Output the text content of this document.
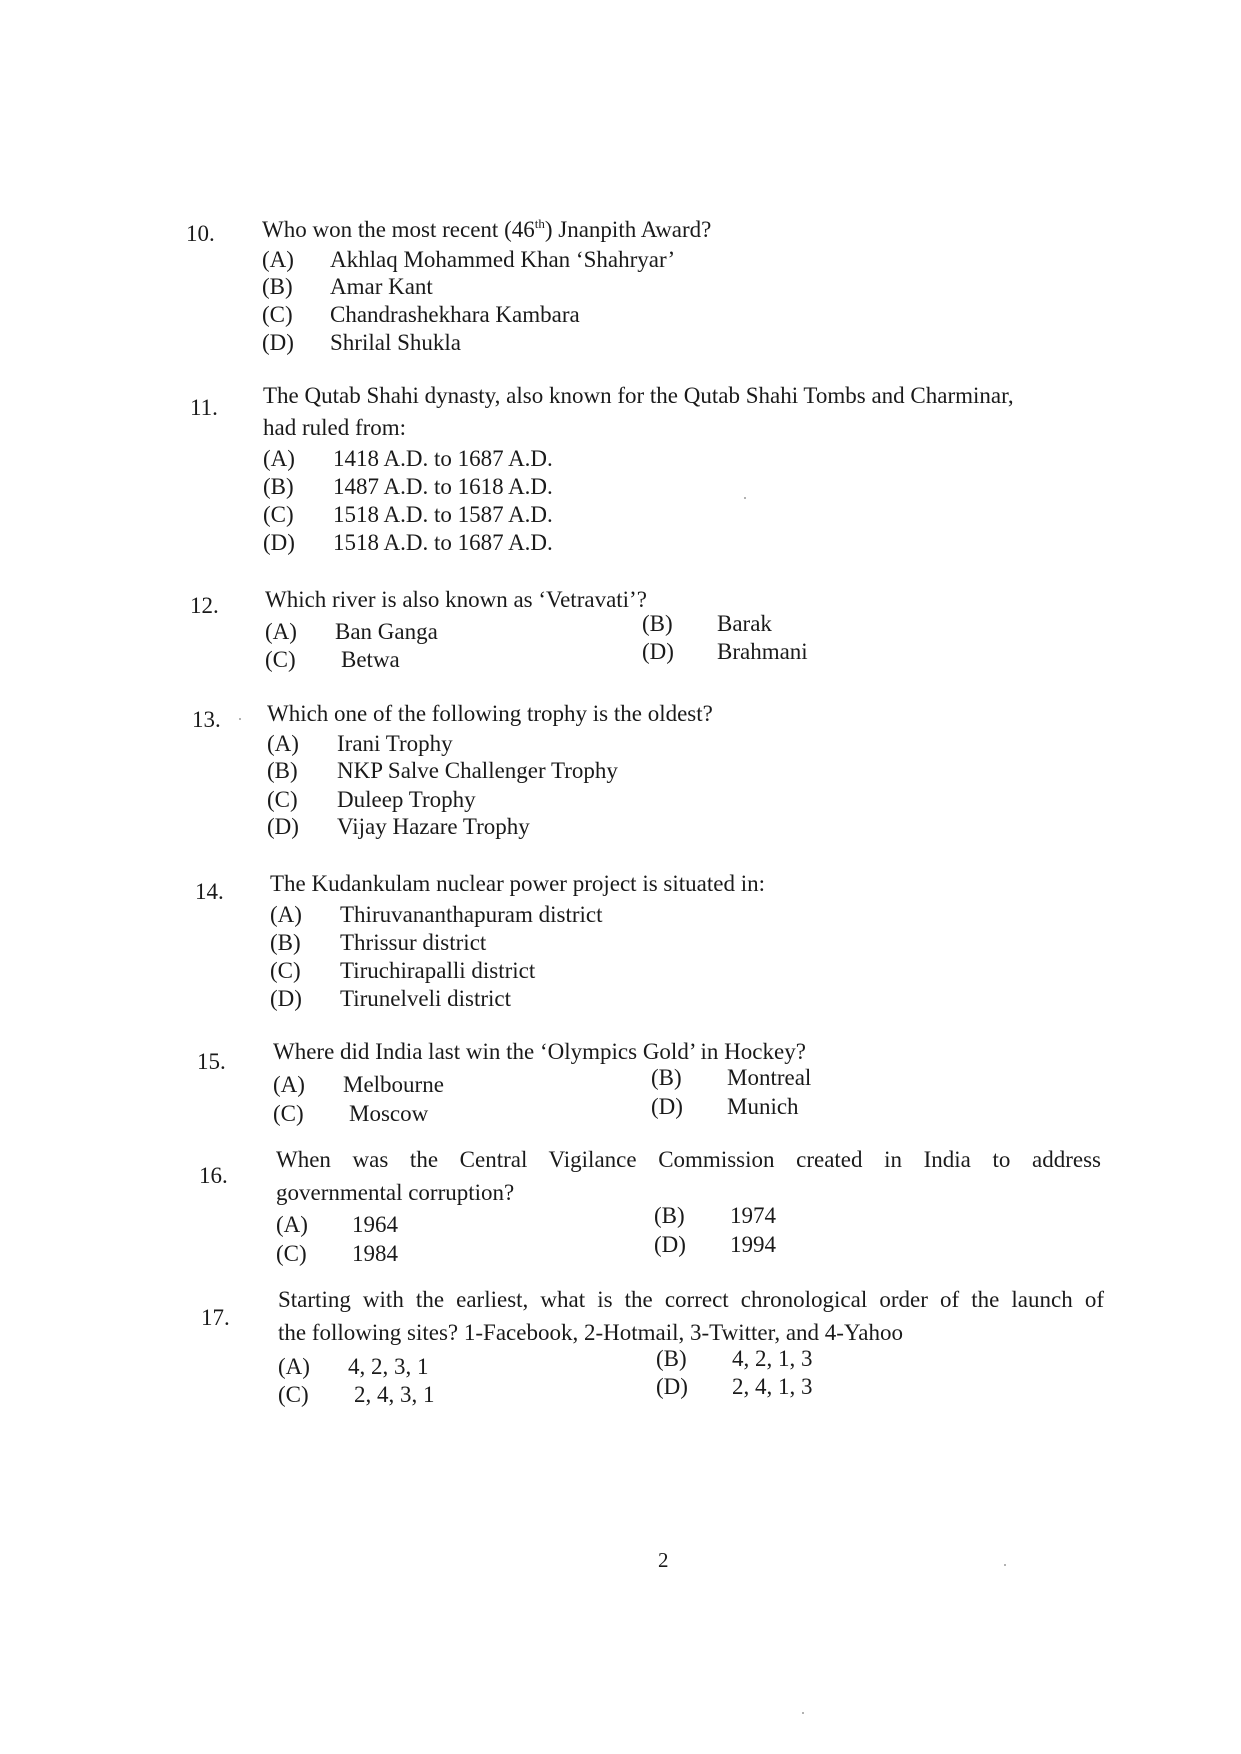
10. Who won the most recent (46th) Jnanpith Award?
(A) Akhlaq Mohammed Khan ‘Shahryar’
(B) Amar Kant
(C) Chandrashekhara Kambara
(D) Shrilal Shukla
11. The Qutab Shahi dynasty, also known for the Qutab Shahi Tombs and Charminar,
had ruled from:
(A) 1418 A.D. to 1687 A.D.
(B) 1487 A.D. to 1618 A.D.
(C) 1518 A.D. to 1587 A.D.
(D) 1518 A.D. to 1687 A.D.
12. Which river is also known as ‘Vetravati’?
(A) Ban Ganga	(B) Barak
(C) Betwa	(D) Brahmani
13. Which one of the following trophy is the oldest?
(A) Irani Trophy
(B) NKP Salve Challenger Trophy
(C) Duleep Trophy
(D) Vijay Hazare Trophy
14. The Kudankulam nuclear power project is situated in:
(A) Thiruvananthapuram district
(B) Thrissur district
(C) Tiruchirapalli district
(D) Tirunelveli district
15. Where did India last win the ‘Olympics Gold’ in Hockey?
(A) Melbourne	(B) Montreal
(C) Moscow	(D) Munich
16.
When was the Central Vigilance Commission created in India to address
governmental corruption?
(A) 1964	(B) 1974
(C) 1984	(D) 1994
17.
Starting with the earliest, what is the correct chronological order of the launch of
the following sites? 1-Facebook, 2-Hotmail, 3-Twitter, and 4-Yahoo
(A) 4, 2, 3, 1	(B) 4, 2, 1, 3
(C) 2, 4, 3, 1	(D) 2, 4, 1, 3
2
